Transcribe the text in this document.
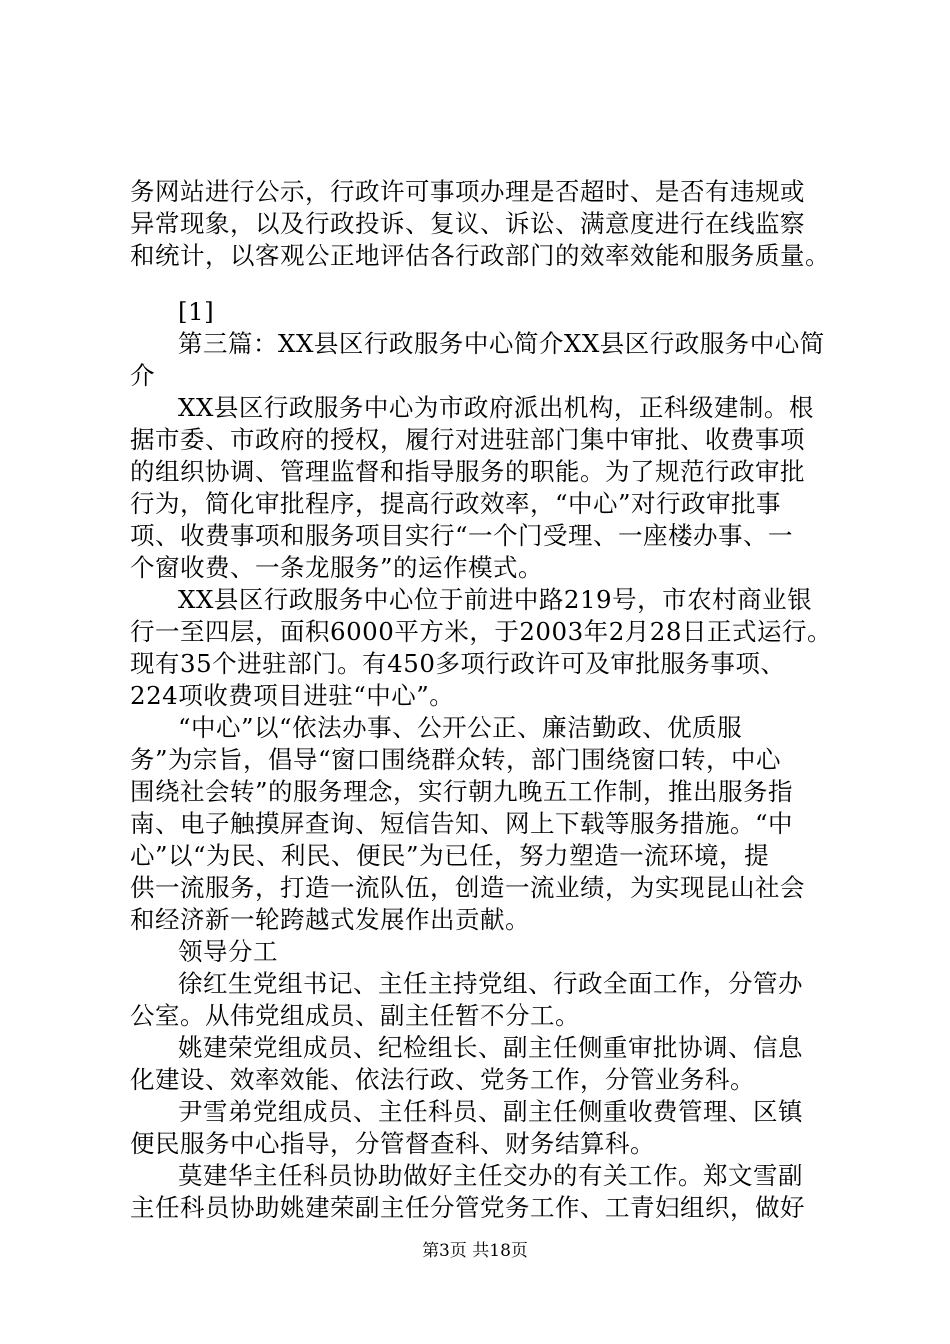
务网站进行公示，行政许可事项办理是否超时、是否有违规或
异常现象，以及行政投诉、复议、诉讼、满意度进行在线监察
和统计，以客观公正地评估各行政部门的效率效能和服务质量。
[1]
第三篇：XX县区行政服务中心简介XX县区行政服务中心简
介
XX县区行政服务中心为市政府派出机构，正科级建制。根
据市委、市政府的授权，履行对进驻部门集中审批、收费事项
的组织协调、管理监督和指导服务的职能。为了规范行政审批
行为，简化审批程序，提高行政效率，“中心”对行政审批事
项、收费事项和服务项目实行“一个门受理、一座楼办事、一
个窗收费、一条龙服务”的运作模式。
XX县区行政服务中心位于前进中路219号，市农村商业银
行一至四层，面积6000平方米，于2003年2月28日正式运行。
现有35个进驻部门。有450多项行政许可及审批服务事项、
224项收费项目进驻“中心”。
“中心”以“依法办事、公开公正、廉洁勤政、优质服
务”为宗旨，倡导“窗口围绕群众转，部门围绕窗口转，中心
围绕社会转”的服务理念，实行朝九晚五工作制，推出服务指
南、电子触摸屏查询、短信告知、网上下载等服务措施。“中
心”以“为民、利民、便民”为已任，努力塑造一流环境，提
供一流服务，打造一流队伍，创造一流业绩，为实现昆山社会
和经济新一轮跨越式发展作出贡献。
领导分工
徐红生党组书记、主任主持党组、行政全面工作，分管办
公室。从伟党组成员、副主任暂不分工。
姚建荣党组成员、纪检组长、副主任侧重审批协调、信息
化建设、效率效能、依法行政、党务工作，分管业务科。
尹雪弟党组成员、主任科员、副主任侧重收费管理、区镇
便民服务中心指导，分管督查科、财务结算科。
莫建华主任科员协助做好主任交办的有关工作。郑文雪副
主任科员协助姚建荣副主任分管党务工作、工青妇组织，做好
第3页 共18页
